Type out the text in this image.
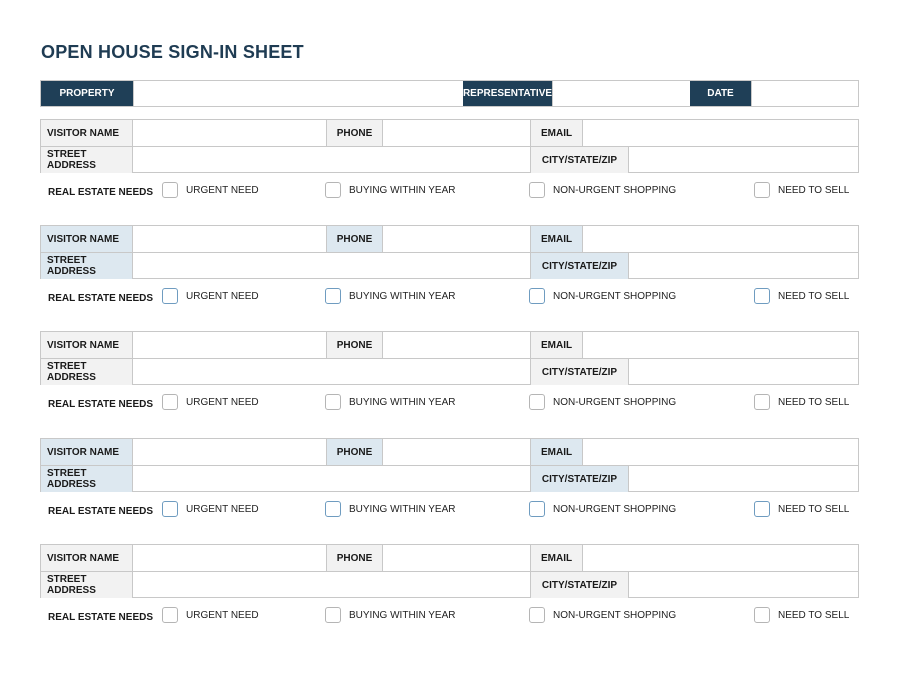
OPEN HOUSE SIGN-IN SHEET
PROPERTY	REPRESENTATIVE	DATE
VISITOR NAME	PHONE	EMAIL
STREET ADDRESS	CITY/STATE/ZIP
REAL ESTATE NEEDS	URGENT NEED	BUYING WITHIN YEAR	NON-URGENT SHOPPING	NEED TO SELL
VISITOR NAME	PHONE	EMAIL
STREET ADDRESS	CITY/STATE/ZIP
REAL ESTATE NEEDS	URGENT NEED	BUYING WITHIN YEAR	NON-URGENT SHOPPING	NEED TO SELL
VISITOR NAME	PHONE	EMAIL
STREET ADDRESS	CITY/STATE/ZIP
REAL ESTATE NEEDS	URGENT NEED	BUYING WITHIN YEAR	NON-URGENT SHOPPING	NEED TO SELL
VISITOR NAME	PHONE	EMAIL
STREET ADDRESS	CITY/STATE/ZIP
REAL ESTATE NEEDS	URGENT NEED	BUYING WITHIN YEAR	NON-URGENT SHOPPING	NEED TO SELL
VISITOR NAME	PHONE	EMAIL
STREET ADDRESS	CITY/STATE/ZIP
REAL ESTATE NEEDS	URGENT NEED	BUYING WITHIN YEAR	NON-URGENT SHOPPING	NEED TO SELL
